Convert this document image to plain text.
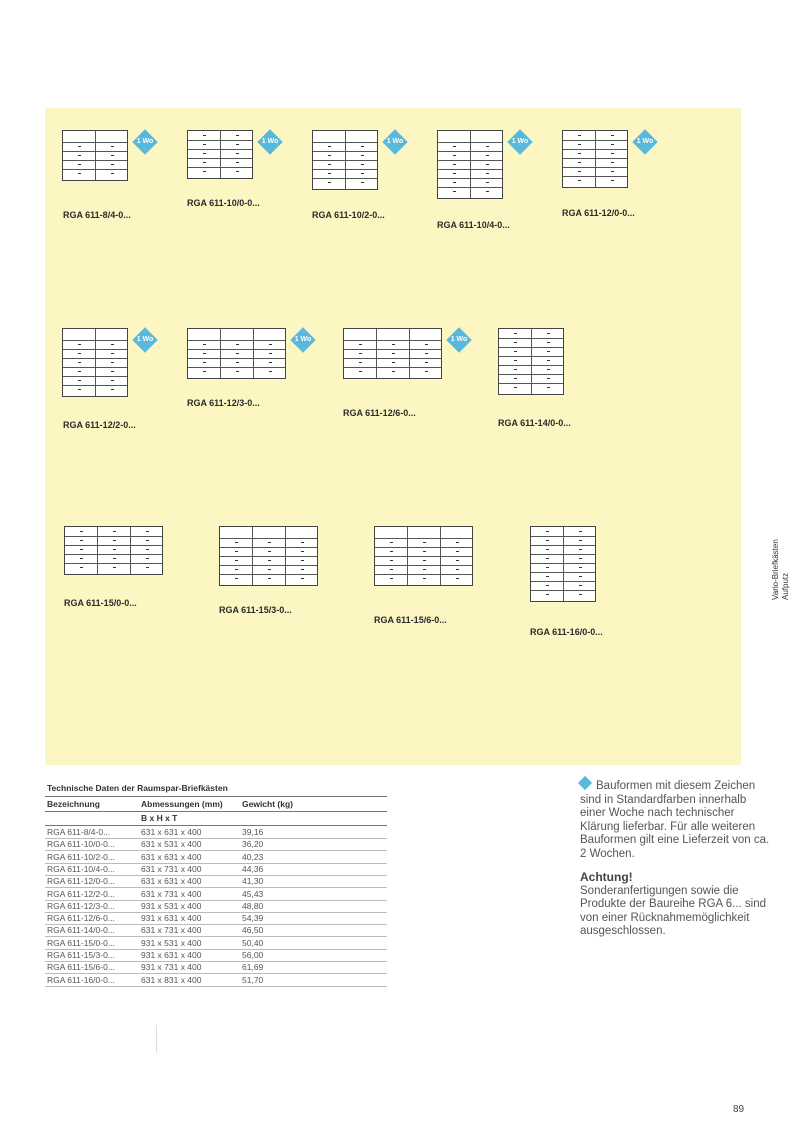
1 Wo
RGA 611-8/4-0...
1 Wo
RGA 611-10/0-0...
1 Wo
RGA 611-10/2-0...
1 Wo
RGA 611-10/4-0...
1 Wo
RGA 611-12/0-0...
1 Wo
RGA 611-12/2-0...
1 Wo
RGA 611-12/3-0...
1 Wo
RGA 611-12/6-0...
RGA 611-14/0-0...
RGA 611-15/0-0...
RGA 611-15/3-0...
RGA 611-15/6-0...
RGA 611-16/0-0...
Vario-Briefkästen Aufputz
Technische Daten der Raumspar-Briefkästen
Bezeichnung	Abmessungen (mm) Gewicht (kg)
B x H x T
RGA 611-8/4-0...	631 x 631 x 400	39,16
RGA 611-10/0-0...	631 x 531 x 400	36,20
RGA 611-10/2-0...	631 x 631 x 400	40,23
RGA 611-10/4-0...	631 x 731 x 400	44,36
RGA 611-12/0-0...	631 x 631 x 400	41,30
RGA 611-12/2-0...	631 x 731 x 400	45,43
RGA 611-12/3-0...	931 x 531 x 400	48,80
RGA 611-12/6-0...	931 x 631 x 400	54,39
RGA 611-14/0-0...	631 x 731 x 400	46,50
RGA 611-15/0-0...	931 x 531 x 400	50,40
RGA 611-15/3-0...	931 x 631 x 400	56,00
RGA 611-15/6-0...	931 x 731 x 400	61,69
RGA 611-16/0-0...	631 x 831 x 400	51,70
Bauformen mit diesem Zeichen sind in Standardfarben innerhalb einer Woche nach technischer Klärung lieferbar. Für alle weiteren Bauformen gilt eine Lieferzeit von ca. 2 Wochen.
Achtung!
Sonderanfertigungen sowie die Produkte der Baureihe RGA 6... sind von einer Rücknahmemöglichkeit ausgeschlossen.
89
